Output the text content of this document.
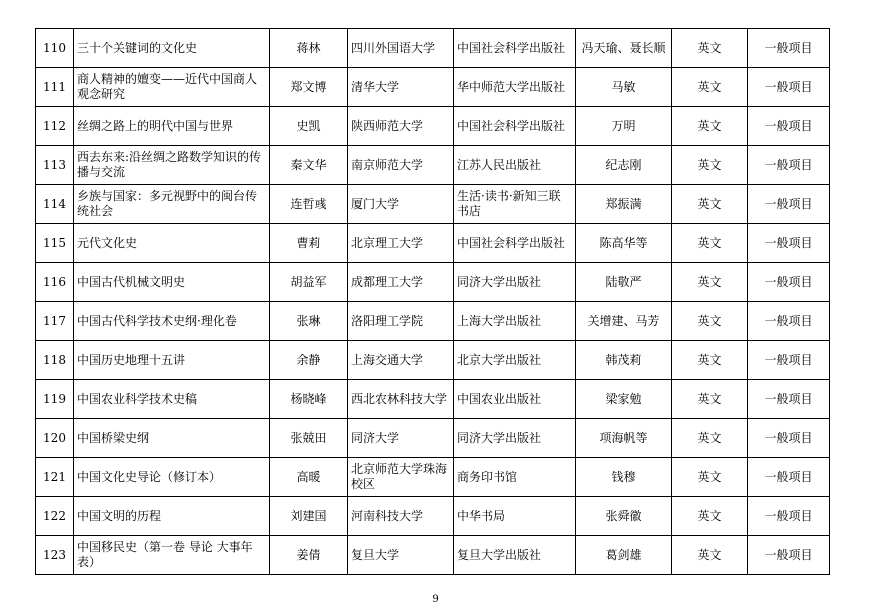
110	三十个关键词的文化史	蒋林	四川外国语大学	中国社会科学出版社	冯天瑜、聂长顺	英文	一般项目
111	商人精神的嬗变——近代中国商人观念研究	郑文博	清华大学	华中师范大学出版社	马敏	英文	一般项目
112	丝绸之路上的明代中国与世界	史凯	陕西师范大学	中国社会科学出版社	万明	英文	一般项目
113	西去东来:沿丝绸之路数学知识的传播与交流	秦文华	南京师范大学	江苏人民出版社	纪志刚	英文	一般项目
114	乡族与国家：多元视野中的闽台传统社会	连哲彧	厦门大学	生活·读书·新知三联书店	郑振满	英文	一般项目
115	元代文化史	曹莉	北京理工大学	中国社会科学出版社	陈高华等	英文	一般项目
116	中国古代机械文明史	胡益军	成都理工大学	同济大学出版社	陆敬严	英文	一般项目
117	中国古代科学技术史纲·理化卷	张琳	洛阳理工学院	上海大学出版社	关增建、马芳	英文	一般项目
118	中国历史地理十五讲	余静	上海交通大学	北京大学出版社	韩茂莉	英文	一般项目
119	中国农业科学技术史稿	杨晓峰	西北农林科技大学	中国农业出版社	梁家勉	英文	一般项目
120	中国桥梁史纲	张兢田	同济大学	同济大学出版社	项海帆等	英文	一般项目
121	中国文化史导论（修订本）	高暖	北京师范大学珠海校区	商务印书馆	钱穆	英文	一般项目
122	中国文明的历程	刘建国	河南科技大学	中华书局	张舜徽	英文	一般项目
123	中国移民史（第一卷 导论 大事年表）	姜倩	复旦大学	复旦大学出版社	葛剑雄	英文	一般项目
9
